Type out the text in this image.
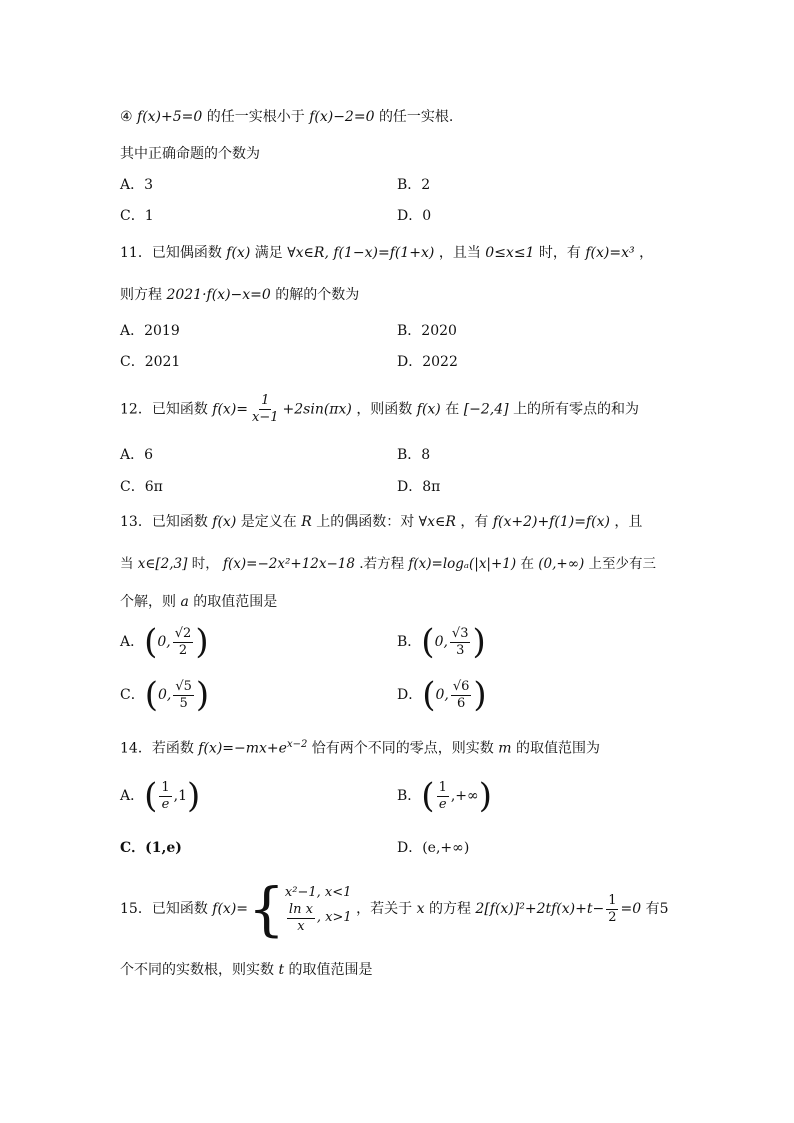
④ f(x)+5=0 的任一实根小于 f(x)−2=0 的任一实根.
其中正确命题的个数为
A．3	B．2
C．1	D．0
11．已知偶函数 f(x) 满足 ∀x∈R, f(1−x)=f(1+x) ，且当 0≤x≤1 时，有 f(x)=x³ ，
则方程 2021·f(x)−x=0 的解的个数为
A．2019	B．2020
C．2021	D．2022
12．已知函数 $f(x)= \frac{1}{x-1} +2\sin(\pi x)$ ，则函数 f(x) 在 [−2,4] 上的所有零点的和为
A．6	B．8
C．6π	D．8π
13．已知函数 f(x) 是定义在 R 上的偶函数：对 ∀x∈R ，有 f(x+2)+f(1)=f(x) ，且
当 x∈[2,3] 时， f(x)=−2x²+12x−18 .若方程 f(x)=logₐ(|x|+1) 在 (0,+∞) 上至少有三
个解，则 a 的取值范围是
A．(0, $\frac{√2}{2}$ )	B．(0, $\frac{√3}{3}$ )
C．(0, $\frac{√5}{5}$ )	D．(0, $\frac{√6}{6}$ )
14．若函数 $f(x)=-mx+e^{x-2}$ 恰有两个不同的零点，则实数 m 的取值范围为
A．( $\frac{1}{e} ,1$)	B．( $\frac{1}{e}$ ,+∞)
C．(1,e)	D．(e,+∞)
15．已知函数 f(x)={ x²−1, x<1
$\frac{\text{ln x}}{x}$ , x>1
，若关于 x 的方程 $2[f(x)]^2+2tf(x)+t- \frac{1}{2} =0$ 有5
个不同的实数根，则实数 t 的取值范围是
